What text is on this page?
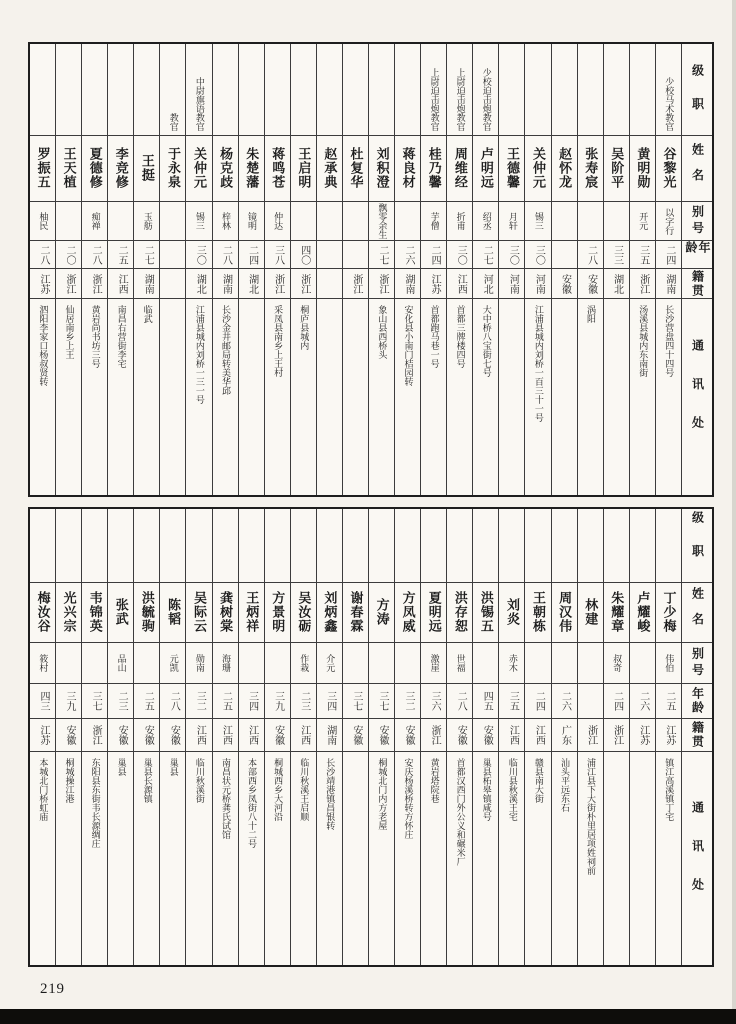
罗振五
柚民
二八
江苏
泗阳李家口杨叔贤转
王天植
二〇
浙江
仙居南乡上王
夏德修
痴禅
二八
浙江
黄岩尚书坊三号
李竞修
二五
江西
南昌右营街李宅
王挺
玉舫
二七
湖南
临武
教官
于永泉
中尉旗语教官
关仲元
锡三
三〇
湖北
江浦县城内刘桥一三一号
杨克歧
梓林
二八
湖南
长沙金井邮局转美华邱
朱楚藩
镜明
二四
湖北
蒋鸣苍
仲达
三八
浙江
采凤县南乡上王村
王启明
四〇
浙江
桐庐县城内
赵承典 杜复华
浙江
刘积澄
飘零余生
二七
浙江
象山县西桥头
蒋良材
二六
湖南
安化县小南门桔园转
上尉迫击炮教官
桂乃馨
芋僧
二四
江苏
首都跑马巷一号
上尉迫击炮教官
周维经
折甫
三〇
江西
首都三牌楼四号
少校迫击炮教官
卢明远
绍丞
二七
河北
大中桥八宝街七号
王德馨
月轩
三〇
河南
关仲元
锡三
三〇
河南
江浦县城内刘桥一百三十一号
赵怀龙
安徽
张寿宸
二八
安徽
涡阳
吴阶平
三三
湖北
黄明勋
开元
三五
浙江
汤溪县城内东南街
少校马术教官
谷黎光
以字行
二四
湖南
长沙营盘四十四号
级职
姓名
别号
年龄
籍贯
通讯处
梅汝谷
筱村
四三
江苏
本城北门桥虹庙
光兴宗
三九
安徽
桐城操江港
韦锦英
三七
浙江
东阳县东街韦长源绸庄
张武
品山
二三
安徽
巢县
洪毓驹
二五
安徽
巢县长源镇
陈韬
元凯
二八
安徽
巢县
吴际云
勋南
三二
江西
临川秋溪街
龚树棠
海珊
二五
江西
南昌状元桥龚氏试馆
王炳祥
三四
江西
本部西乡凤街八十二号
方景明
三九
安徽
桐城西乡大河沿
吴汝砺
作栽
二三
江西
临川秋溪王启顺
刘炳鑫
介元
三四
湖南
长沙靖港镇昌银转
谢春霖
三七
安徽
方涛
三七
安徽
桐城北门内方老屋
方凤威
三二
安徽
安庆杨溪桥转方怀庄
夏明远
激崖
三六
浙江
黄岩塔院巷
洪存恕
世福
二八
安徽
首都汉西门外公义和碾米厂
洪锡五
四五
安徽
巢县柘皋镇咸号
刘炎
赤木
三五
江西
临川县秋溪王宅
王朝栋
二四
江西
赣县南大街
周汉伟
二六
广东
汕头平远东石
林建
浙江
浦江县下大街朴里居项姓祠前
朱耀章
叔奇
二四
浙江
卢耀峻
二六
江苏
丁少梅
伟伯
二五
江苏
镇江高溪镇丁宅
级职
姓名
别号
年龄
籍贯
通讯处
219
